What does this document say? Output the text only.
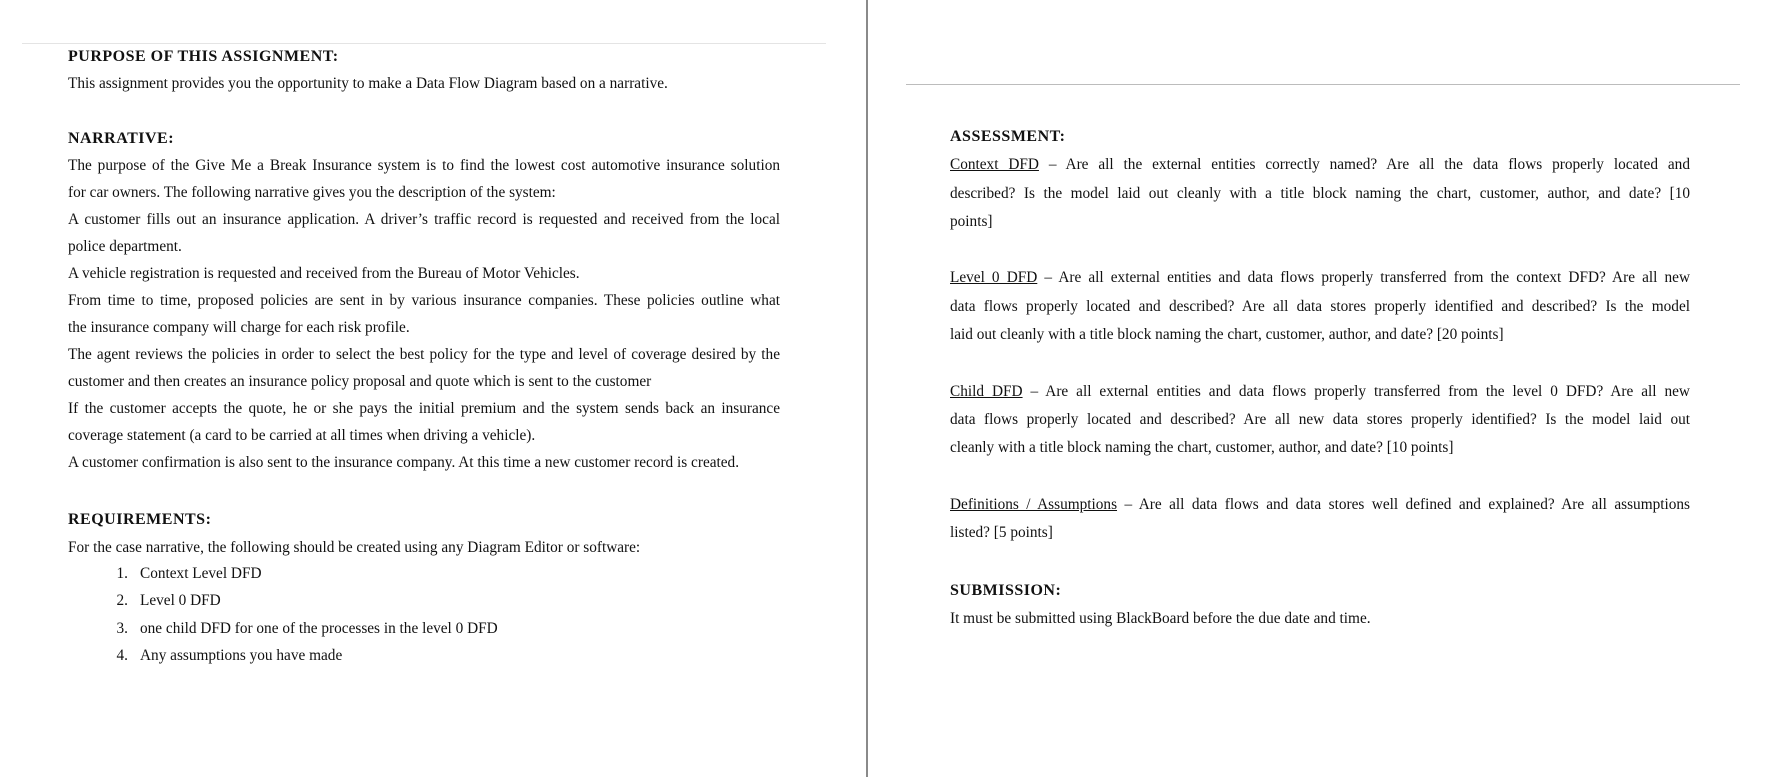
PURPOSE OF THIS ASSIGNMENT:
This assignment provides you the opportunity to make a Data Flow Diagram based on a narrative.
NARRATIVE:
The purpose of the Give Me a Break Insurance system is to find the lowest cost automotive insurance solution
for car owners. The following narrative gives you the description of the system:
A customer fills out an insurance application. A driver’s traffic record is requested and received from the local
police department.
A vehicle registration is requested and received from the Bureau of Motor Vehicles.
From time to time, proposed policies are sent in by various insurance companies. These policies outline what
the insurance company will charge for each risk profile.
The agent reviews the policies in order to select the best policy for the type and level of coverage desired by the
customer and then creates an insurance policy proposal and quote which is sent to the customer
If the customer accepts the quote, he or she pays the initial premium and the system sends back an insurance
coverage statement (a card to be carried at all times when driving a vehicle).
A customer confirmation is also sent to the insurance company. At this time a new customer record is created.
REQUIREMENTS:
For the case narrative, the following should be created using any Diagram Editor or software:
1. Context Level DFD
2. Level 0 DFD
3. one child DFD for one of the processes in the level 0 DFD
4. Any assumptions you have made
ASSESSMENT:
Context DFD – Are all the external entities correctly named? Are all the data flows properly located and
described? Is the model laid out cleanly with a title block naming the chart, customer, author, and date? [10
points]
Level 0 DFD – Are all external entities and data flows properly transferred from the context DFD? Are all new
data flows properly located and described? Are all data stores properly identified and described? Is the model
laid out cleanly with a title block naming the chart, customer, author, and date? [20 points]
Child DFD – Are all external entities and data flows properly transferred from the level 0 DFD? Are all new
data flows properly located and described? Are all new data stores properly identified? Is the model laid out
cleanly with a title block naming the chart, customer, author, and date? [10 points]
Definitions / Assumptions – Are all data flows and data stores well defined and explained? Are all assumptions
listed? [5 points]
SUBMISSION:
It must be submitted using BlackBoard before the due date and time.
